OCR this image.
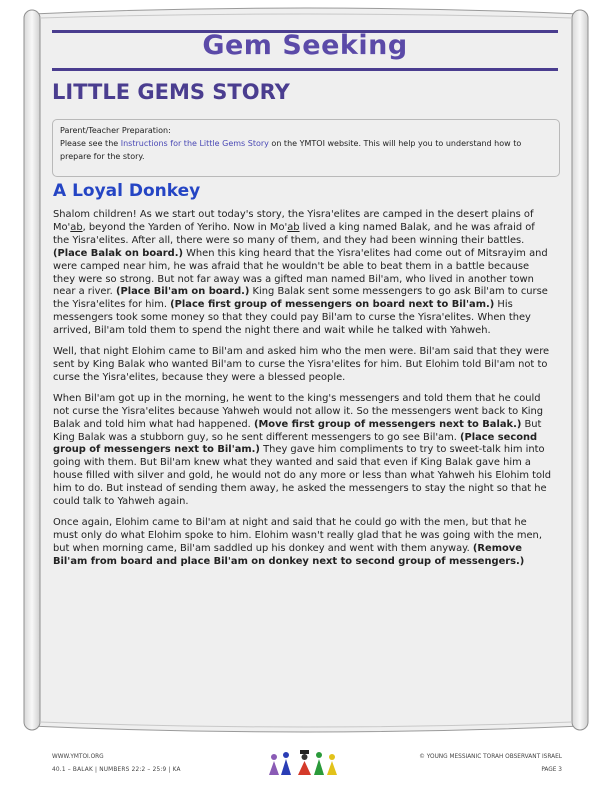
Gem Seeking
LITTLE GEMS STORY
Parent/Teacher Preparation:
Please see the Instructions for the Little Gems Story on the YMTOI website. This will help you to understand how to prepare for the story.
A Loyal Donkey

Shalom children! As we start out today's story, the Yisra'elites are camped in the desert plains of Mo'ab, beyond the Yarden of Yeriho. Now in Mo'ab lived a king named Balak, and he was afraid of the Yisra'elites. After all, there were so many of them, and they had been winning their battles. (Place Balak on board.) When this king heard that the Yisra'elites had come out of Mitsrayim and were camped near him, he was afraid that he wouldn't be able to beat them in a battle because they were so strong. But not far away was a gifted man named Bil'am, who lived in another town near a river. (Place Bil'am on board.) King Balak sent some messengers to go ask Bil'am to curse the Yisra'elites for him. (Place first group of messengers on board next to Bil'am.) His messengers took some money so that they could pay Bil'am to curse the Yisra'elites. When they arrived, Bil'am told them to spend the night there and wait while he talked with Yahweh.

Well, that night Elohim came to Bil'am and asked him who the men were. Bil'am said that they were sent by King Balak who wanted Bil'am to curse the Yisra'elites for him. But Elohim told Bil'am not to curse the Yisra'elites, because they were a blessed people.

When Bil'am got up in the morning, he went to the king's messengers and told them that he could not curse the Yisra'elites because Yahweh would not allow it. So the messengers went back to King Balak and told him what had happened. (Move first group of messengers next to Balak.) But King Balak was a stubborn guy, so he sent different messengers to go see Bil'am. (Place second group of messengers next to Bil'am.) They gave him compliments to try to sweet-talk him into going with them. But Bil'am knew what they wanted and said that even if King Balak gave him a house filled with silver and gold, he would not do any more or less than what Yahweh his Elohim told him to do. But instead of sending them away, he asked the messengers to stay the night so that he could talk to Yahweh again.

Once again, Elohim came to Bil'am at night and said that he could go with the men, but that he must only do what Elohim spoke to him. Elohim wasn't really glad that he was going with the men, but when morning came, Bil'am saddled up his donkey and went with them anyway. (Remove Bil'am from board and place Bil'am on donkey next to second group of messengers.)

WWW.YMTOI.ORG
40.1 – BALAK | NUMBERS 22:2 – 25:9 | KA
© YOUNG MESSIANIC TORAH OBSERVANT ISRAEL
PAGE 3
